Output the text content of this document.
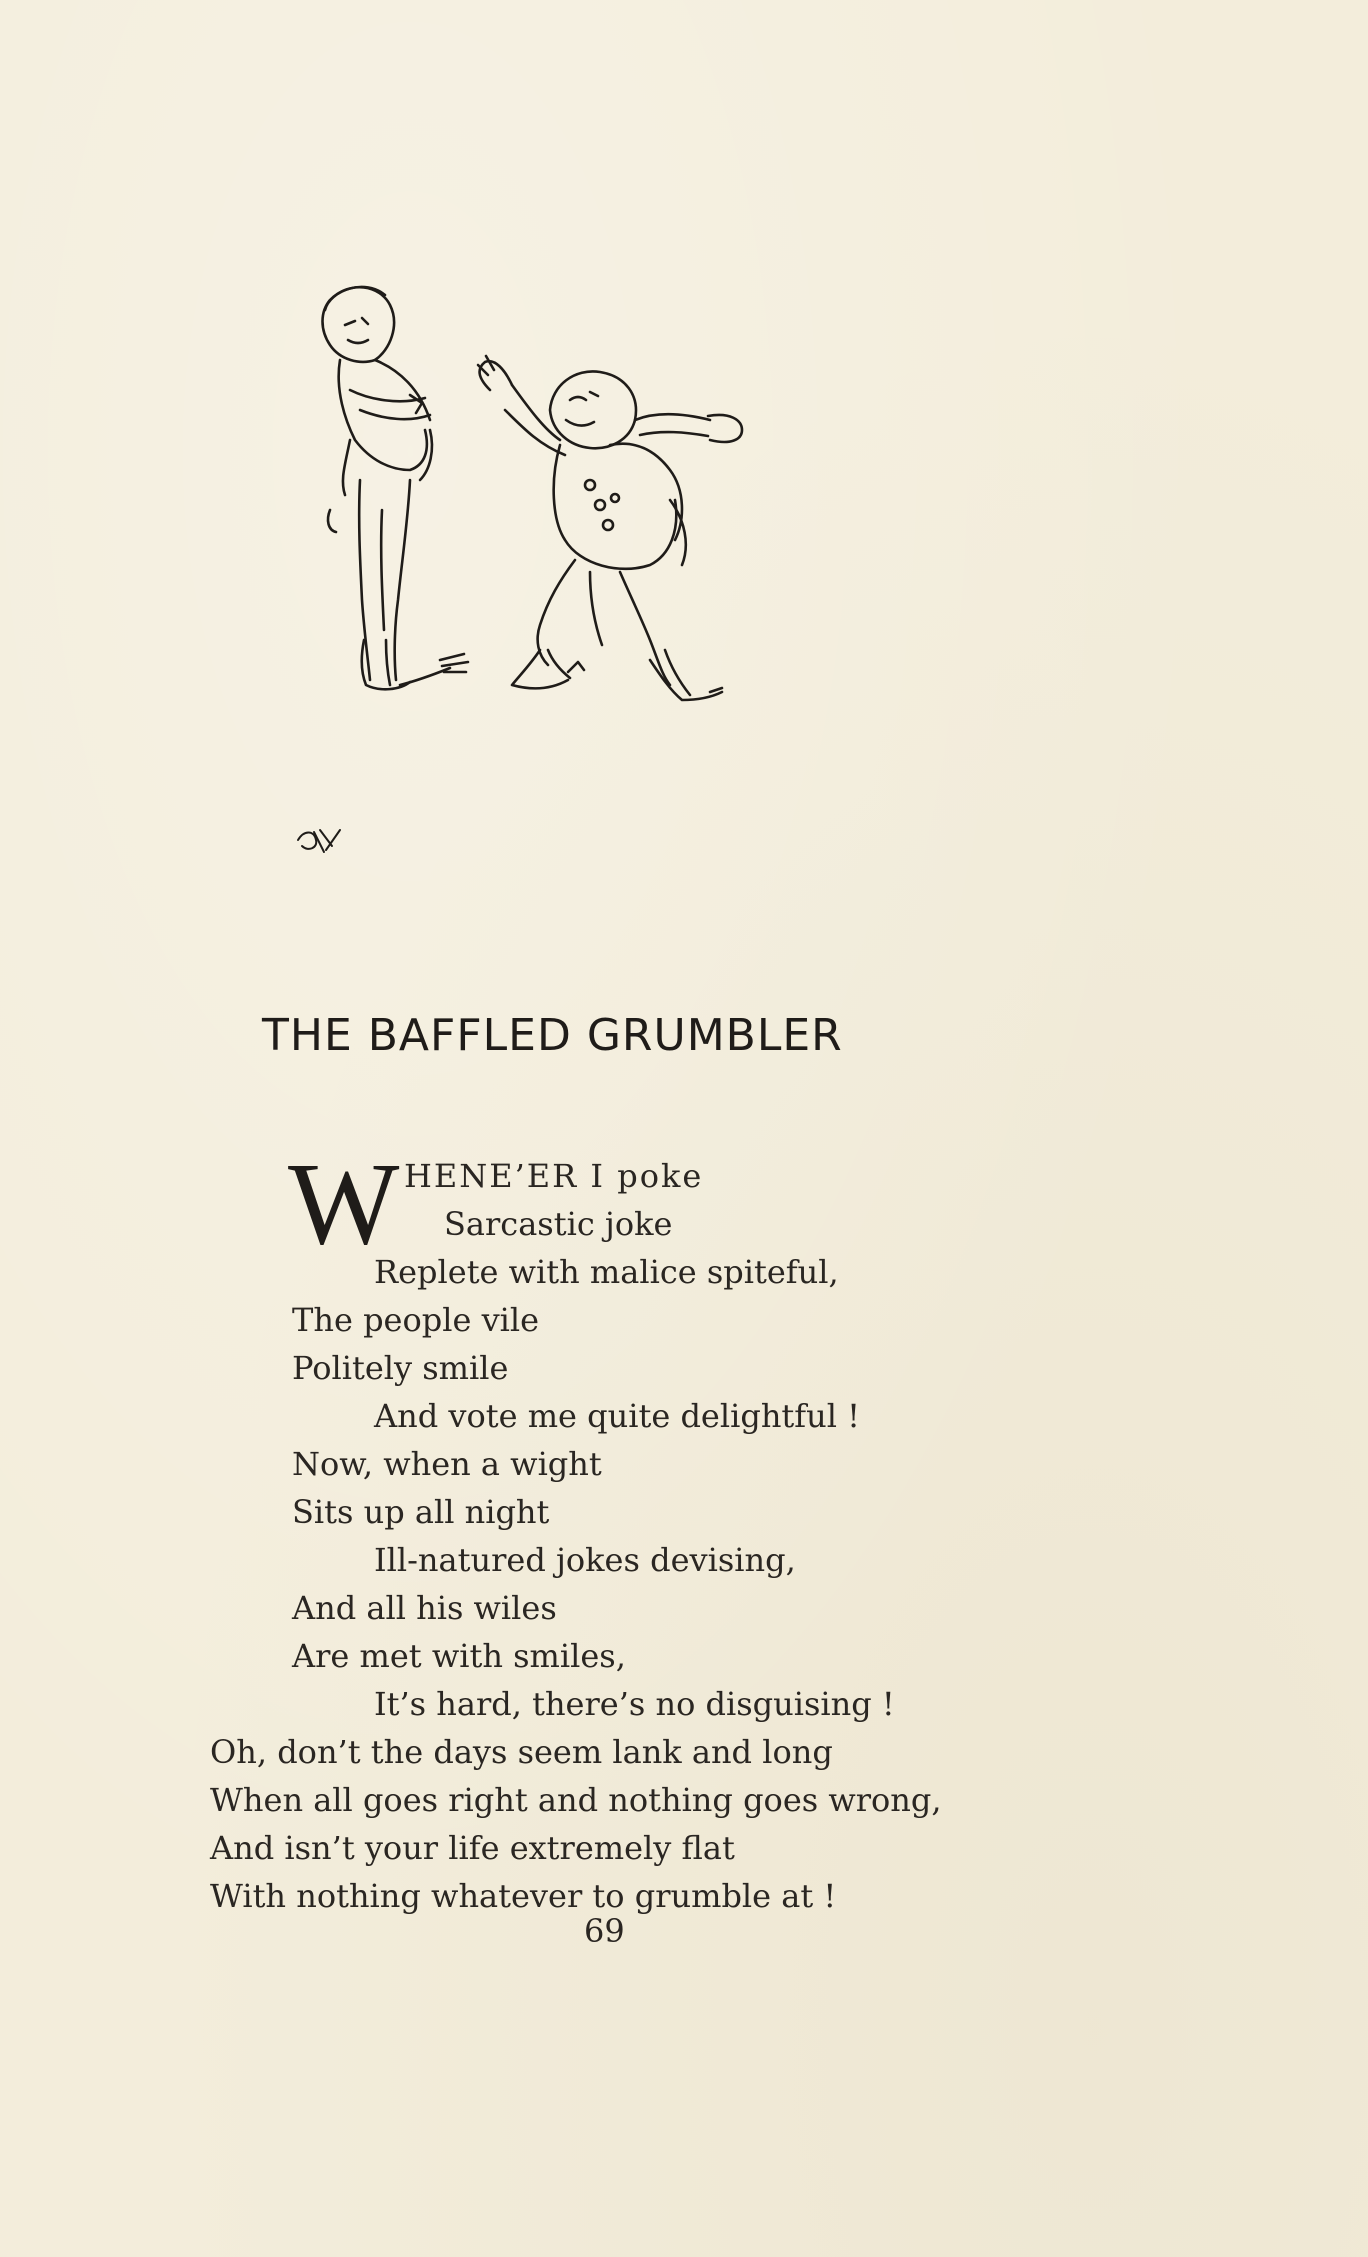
THE BAFFLED GRUMBLER
W HENE’ER I poke
Sarcastic joke
Replete with malice spiteful,
The people vile
Politely smile
And vote me quite delightful !
Now, when a wight
Sits up all night
Ill-natured jokes devising,
And all his wiles
Are met with smiles,
It’s hard, there’s no disguising !
Oh, don’t the days seem lank and long
When all goes right and nothing goes wrong,
And isn’t your life extremely flat
With nothing whatever to grumble at !
69
